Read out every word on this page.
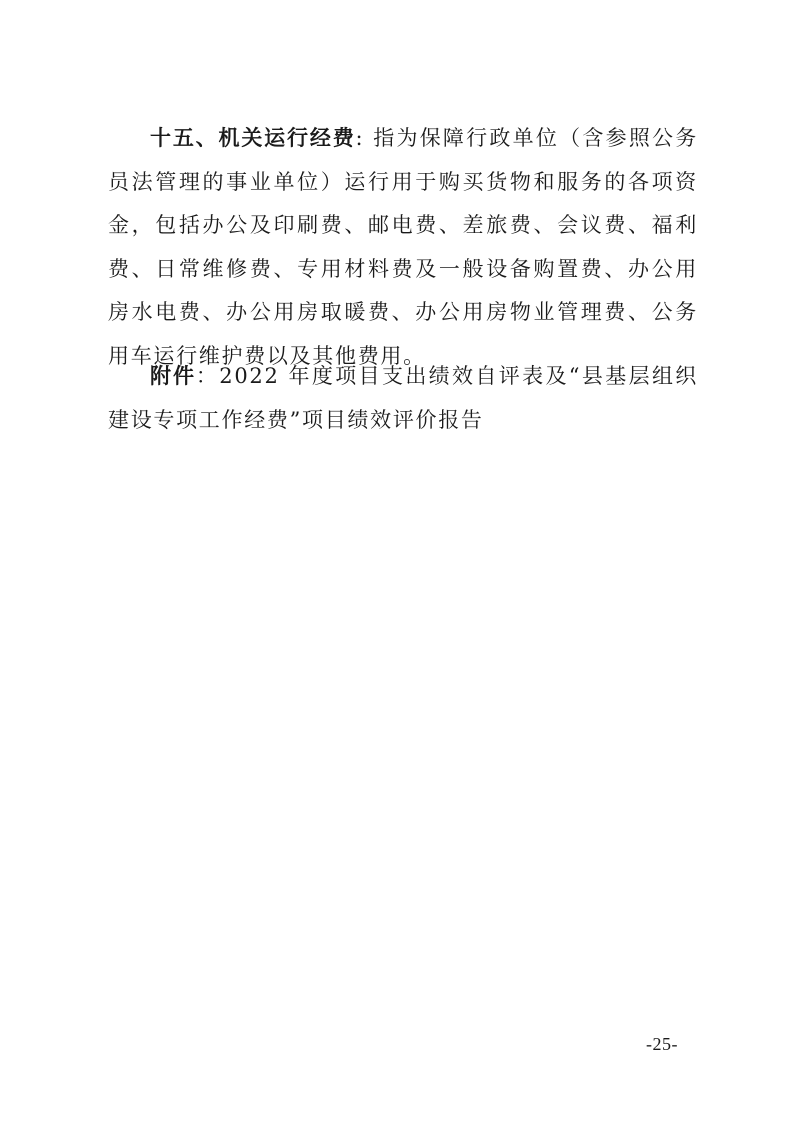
十五、机关运行经费: 指为保障行政单位（含参照公务员法管理的事业单位）运行用于购买货物和服务的各项资金，包括办公及印刷费、邮电费、差旅费、会议费、福利费、日常维修费、专用材料费及一般设备购置费、办公用房水电费、办公用房取暖费、办公用房物业管理费、公务用车运行维护费以及其他费用。

附件：2022 年度项目支出绩效自评表及“县基层组织建设专项工作经费”项目绩效评价报告

-25-
